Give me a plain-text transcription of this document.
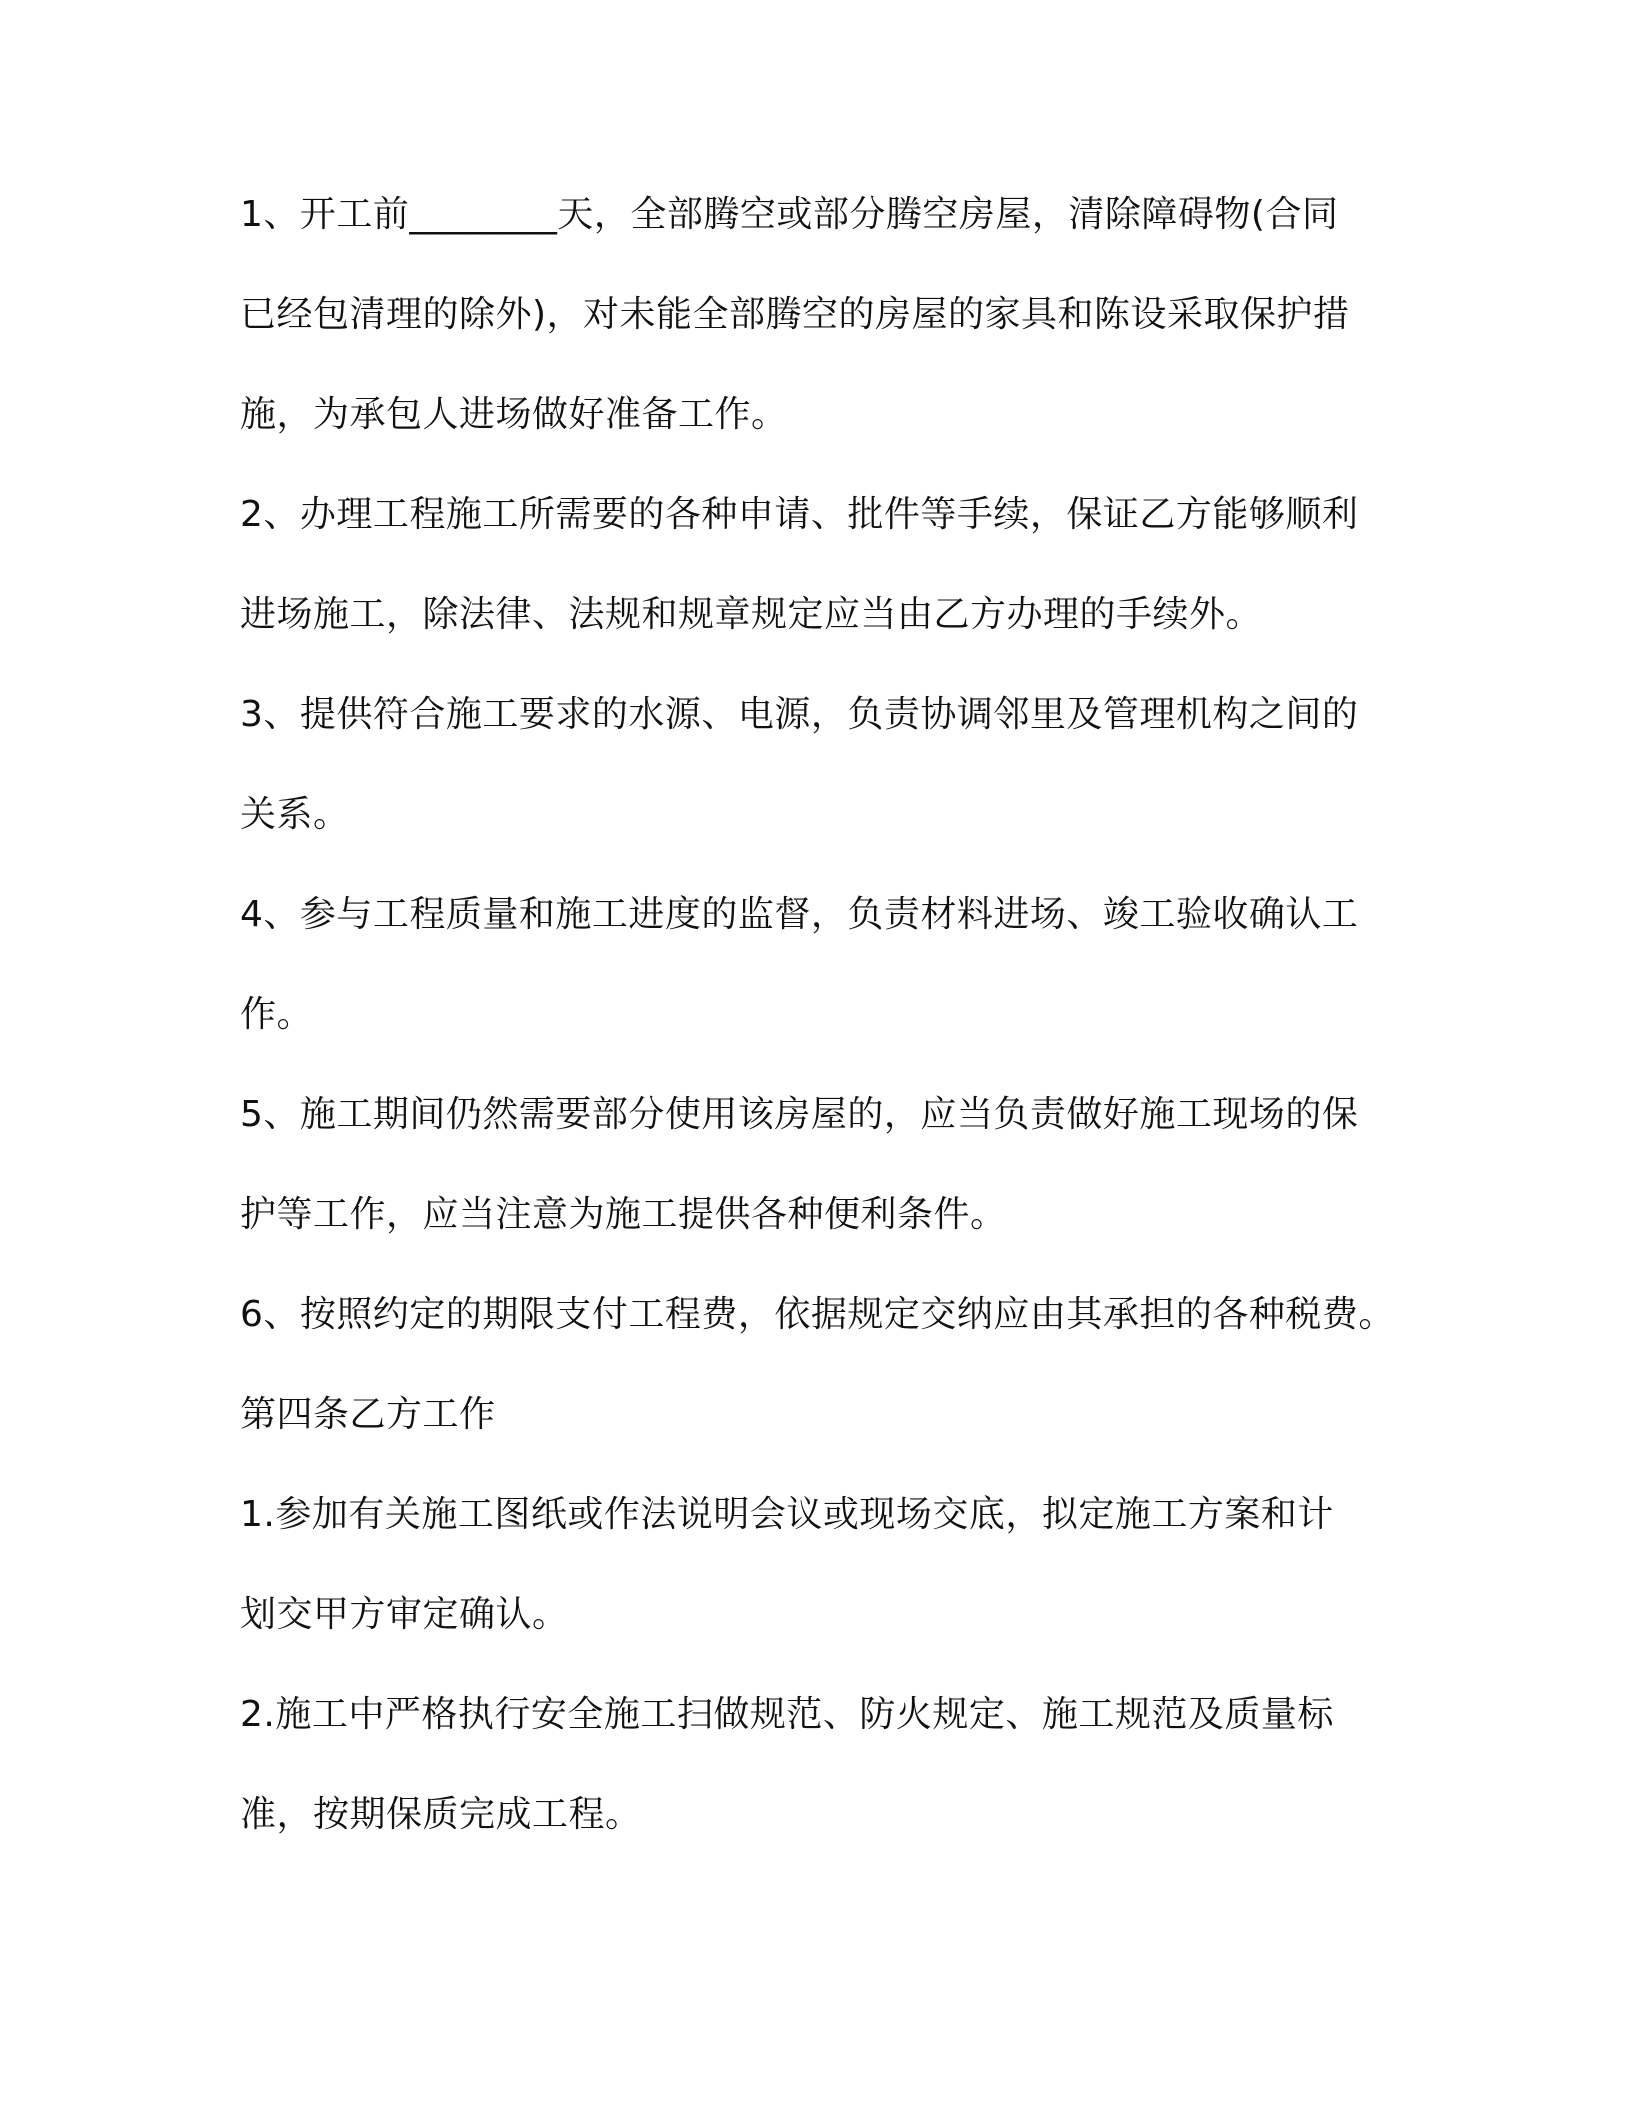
1、开工前________天，全部腾空或部分腾空房屋，清除障碍物(合同
已经包清理的除外)，对未能全部腾空的房屋的家具和陈设采取保护措
施，为承包人进场做好准备工作。
2、办理工程施工所需要的各种申请、批件等手续，保证乙方能够顺利
进场施工，除法律、法规和规章规定应当由乙方办理的手续外。
3、提供符合施工要求的水源、电源，负责协调邻里及管理机构之间的
关系。
4、参与工程质量和施工进度的监督，负责材料进场、竣工验收确认工
作。
5、施工期间仍然需要部分使用该房屋的，应当负责做好施工现场的保
护等工作，应当注意为施工提供各种便利条件。
6、按照约定的期限支付工程费，依据规定交纳应由其承担的各种税费。
第四条乙方工作
1.参加有关施工图纸或作法说明会议或现场交底，拟定施工方案和计
划交甲方审定确认。
2.施工中严格执行安全施工扫做规范、防火规定、施工规范及质量标
准，按期保质完成工程。
